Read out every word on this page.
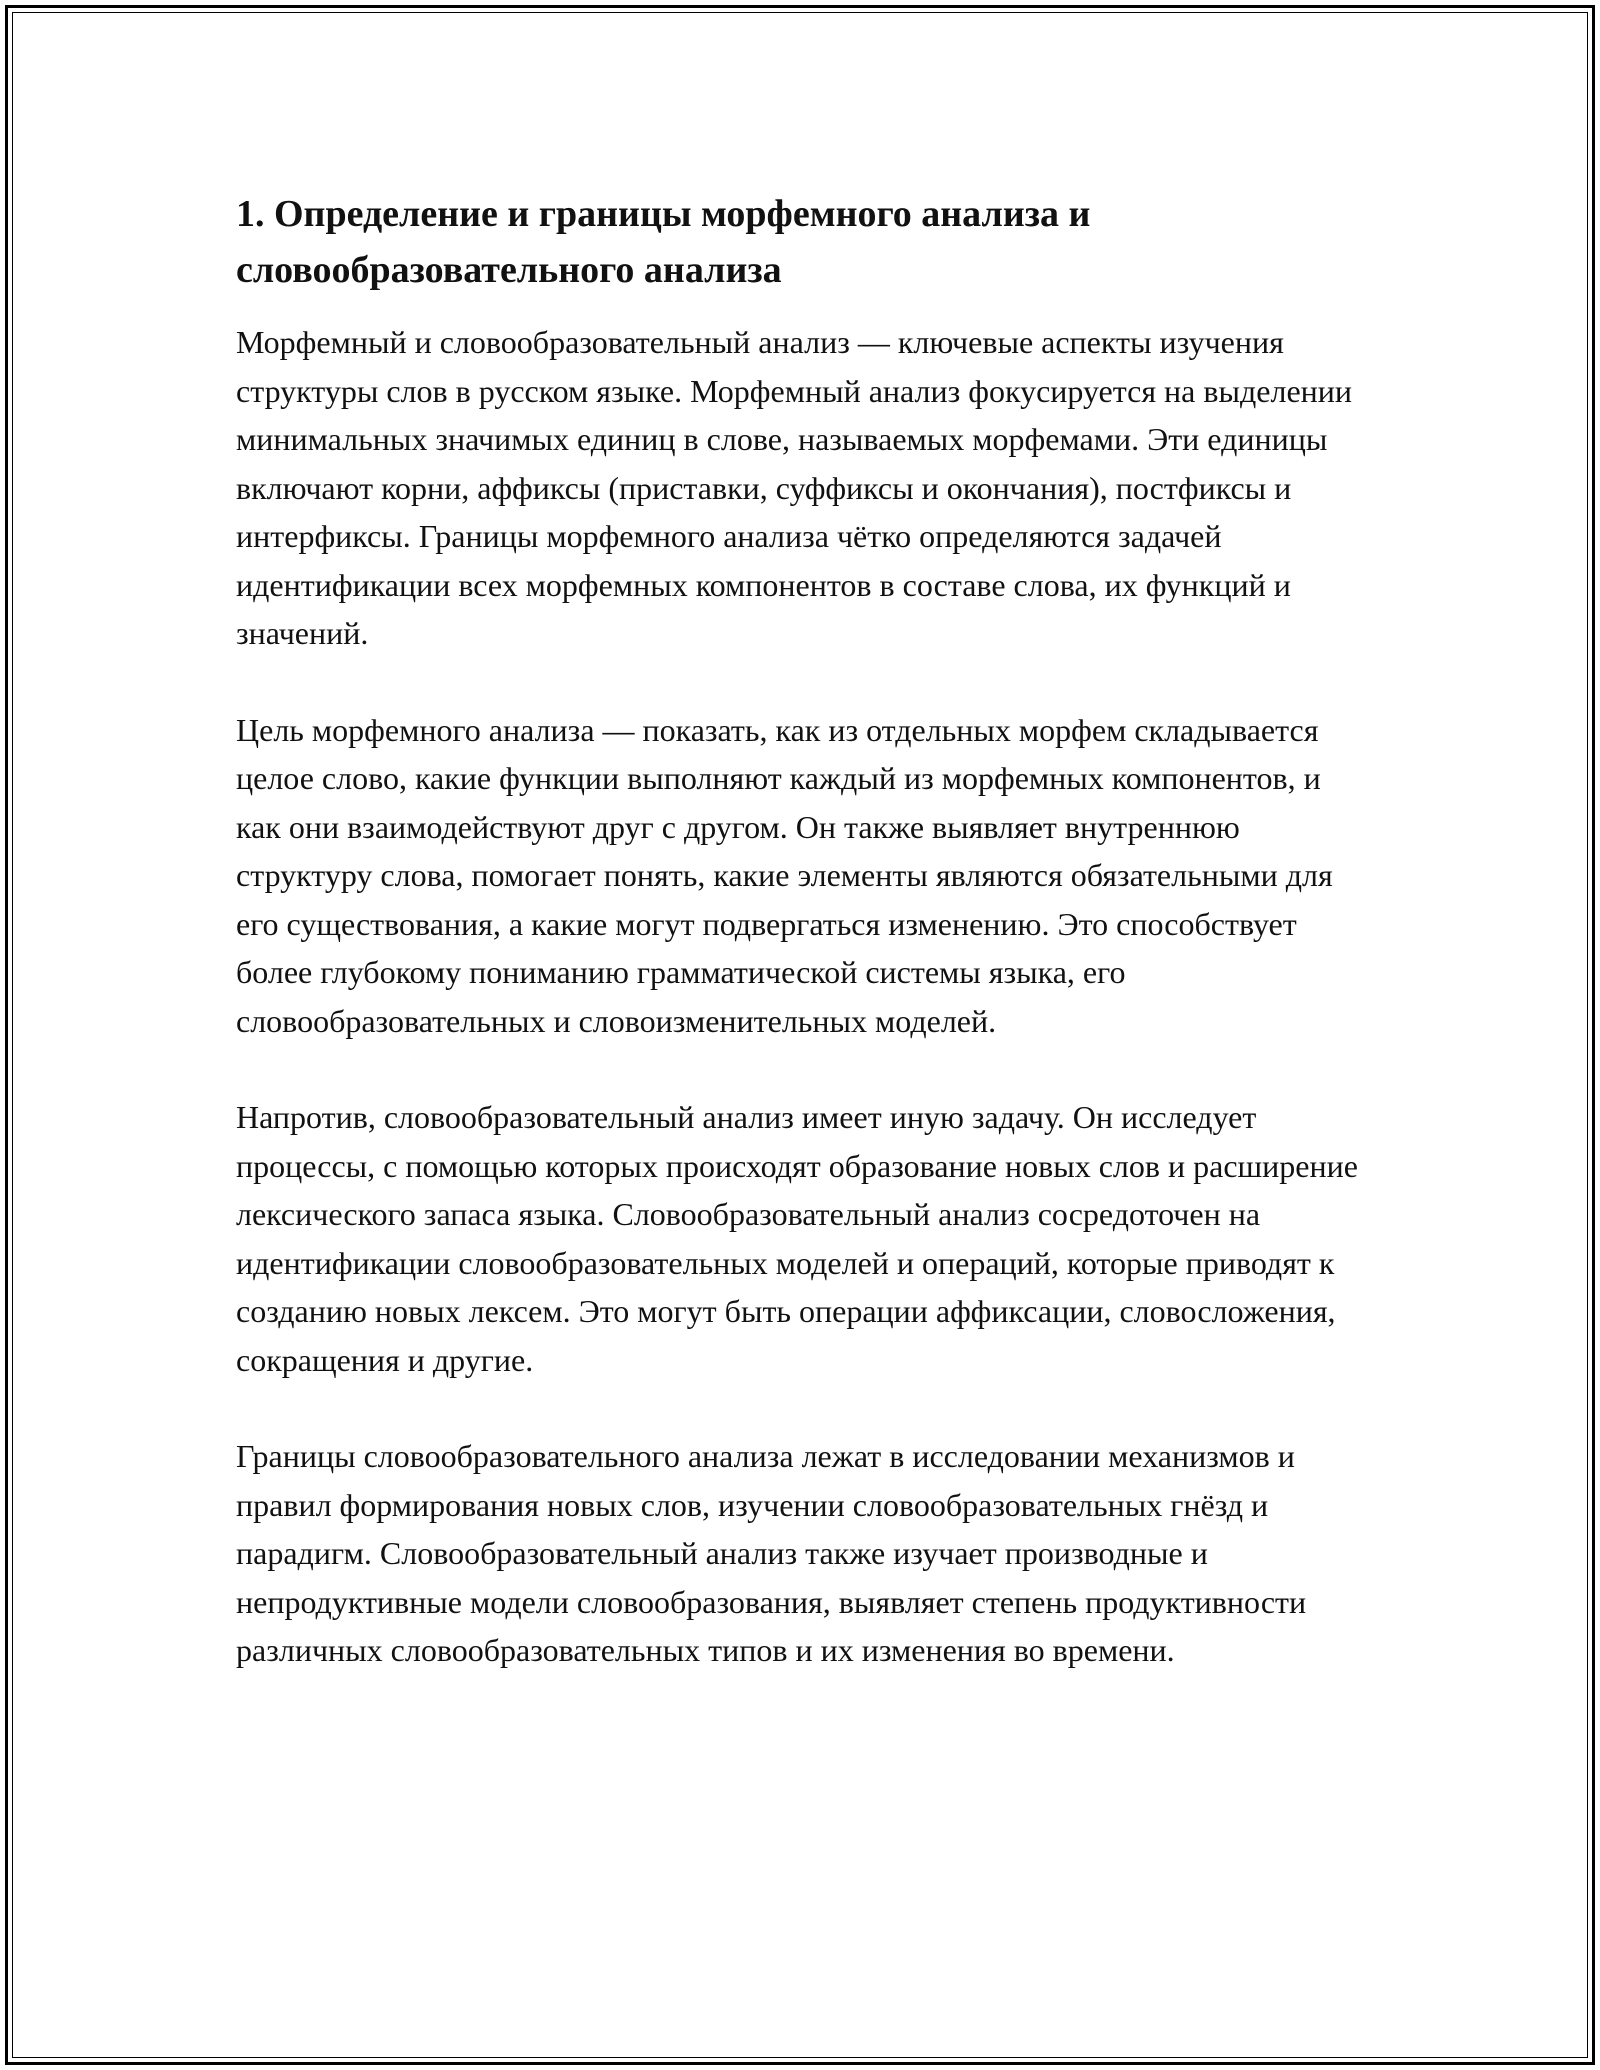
1. Определение и границы морфемного анализа и словообразовательного анализа

Морфемный и словообразовательный анализ — ключевые аспекты изучения структуры слов в русском языке. Морфемный анализ фокусируется на выделении минимальных значимых единиц в слове, называемых морфемами. Эти единицы включают корни, аффиксы (приставки, суффиксы и окончания), постфиксы и интерфиксы. Границы морфемного анализа чётко определяются задачей идентификации всех морфемных компонентов в составе слова, их функций и значений.

Цель морфемного анализа — показать, как из отдельных морфем складывается целое слово, какие функции выполняют каждый из морфемных компонентов, и как они взаимодействуют друг с другом. Он также выявляет внутреннюю структуру слова, помогает понять, какие элементы являются обязательными для его существования, а какие могут подвергаться изменению. Это способствует более глубокому пониманию грамматической системы языка, его словообразовательных и словоизменительных моделей.

Напротив, словообразовательный анализ имеет иную задачу. Он исследует процессы, с помощью которых происходят образование новых слов и расширение лексического запаса языка. Словообразовательный анализ сосредоточен на идентификации словообразовательных моделей и операций, которые приводят к созданию новых лексем. Это могут быть операции аффиксации, словосложения, сокращения и другие.

Границы словообразовательного анализа лежат в исследовании механизмов и правил формирования новых слов, изучении словообразовательных гнёзд и парадигм. Словообразовательный анализ также изучает производные и непродуктивные модели словообразования, выявляет степень продуктивности различных словообразовательных типов и их изменения во времени.
